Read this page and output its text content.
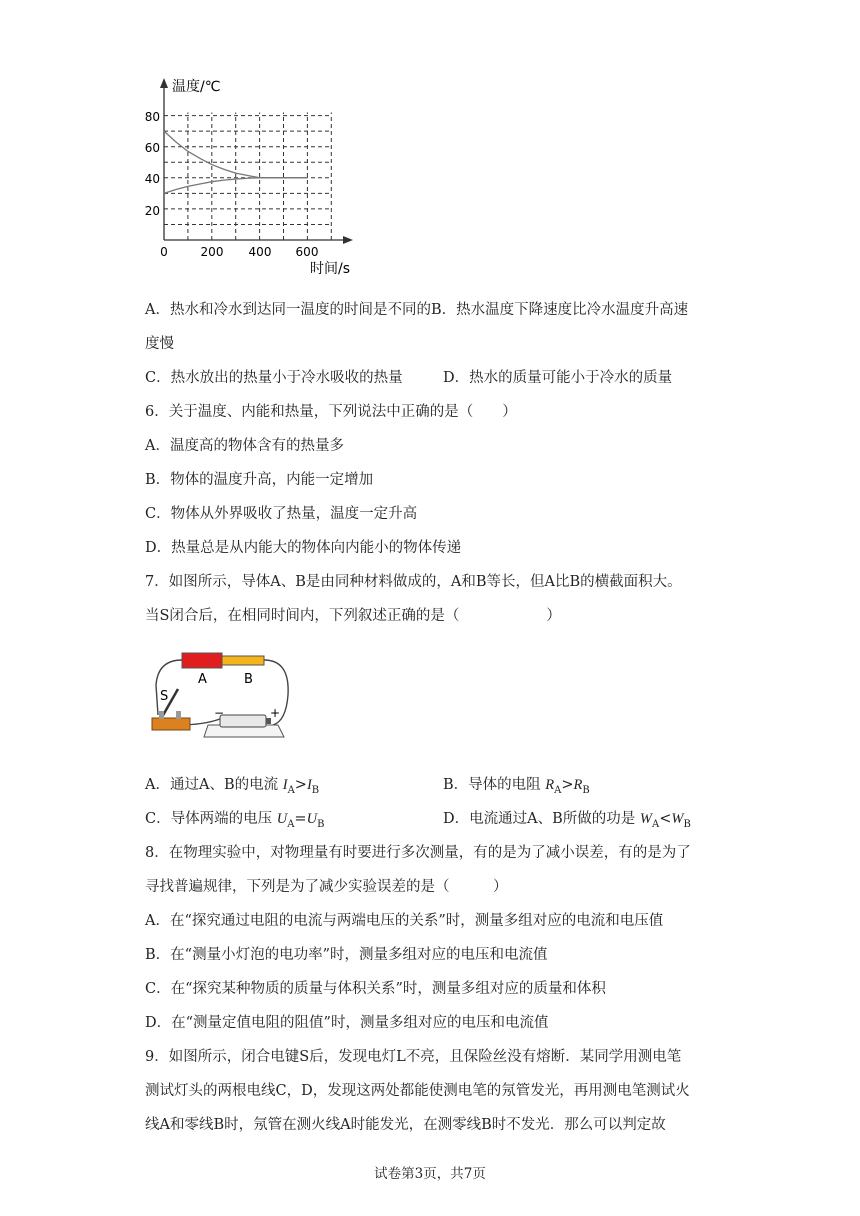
温度/℃
时间/s
80
60
40
20
0	200 400 600
A．热水和冷水到达同一温度的时间是不同的B．热水温度下降速度比冷水温度升高速
度慢
C．热水放出的热量小于冷水吸收的热量	D．热水的质量可能小于冷水的质量
6．关于温度、内能和热量，下列说法中正确的是（　　）
A．温度高的物体含有的热量多
B．物体的温度升高，内能一定增加
C．物体从外界吸收了热量，温度一定升高
D．热量总是从内能大的物体向内能小的物体传递
7．如图所示，导体A、B是由同种材料做成的，A和B等长，但A比B的横截面积大。
当S闭合后，在相同时间内，下列叙述正确的是（　　　　　　）
A	B
S
−	+
A．通过A、B的电流 $I_A>I_B$	B．导体的电阻 $R_A>R_B$
C．导体两端的电压 $U_A=U_B$	D．电流通过A、B所做的功是 $W_A<W_B$
8．在物理实验中，对物理量有时要进行多次测量，有的是为了减小误差，有的是为了
寻找普遍规律，下列是为了减少实验误差的是（　　　）
A．在“探究通过电阻的电流与两端电压的关系”时，测量多组对应的电流和电压值
B．在“测量小灯泡的电功率”时，测量多组对应的电压和电流值
C．在“探究某种物质的质量与体积关系”时，测量多组对应的质量和体积
D．在“测量定值电阻的阻值”时，测量多组对应的电压和电流值
9．如图所示，闭合电键S后，发现电灯L不亮，且保险丝没有熔断．某同学用测电笔
测试灯头的两根电线C，D，发现这两处都能使测电笔的氖管发光，再用测电笔测试火
线A和零线B时，氖管在测火线A时能发光，在测零线B时不发光．那么可以判定故
试卷第3页，共7页
